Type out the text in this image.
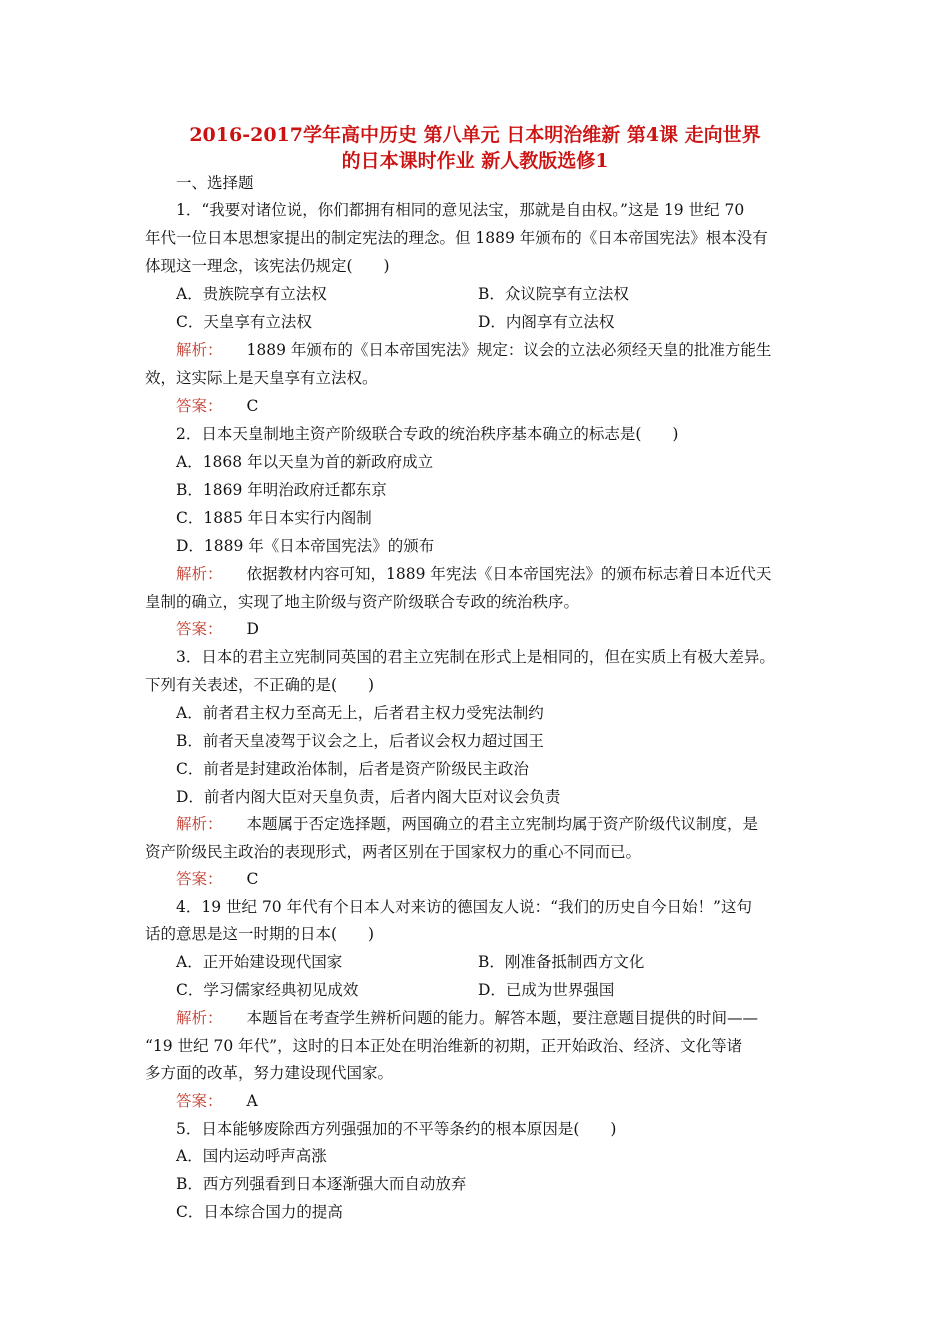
2016-2017学年高中历史 第八单元 日本明治维新 第4课 走向世界
的日本课时作业 新人教版选修1
一、选择题
1．“我要对诸位说，你们都拥有相同的意见法宝，那就是自由权。”这是 19 世纪 70
年代一位日本思想家提出的制定宪法的理念。但 1889 年颁布的《日本帝国宪法》根本没有
体现这一理念，该宪法仍规定(　　)
A．贵族院享有立法权	B．众议院享有立法权
C．天皇享有立法权	D．内阁享有立法权
解析： 1889 年颁布的《日本帝国宪法》规定：议会的立法必须经天皇的批准方能生
效，这实际上是天皇享有立法权。
答案： C
2．日本天皇制地主资产阶级联合专政的统治秩序基本确立的标志是(　　)
A．1868 年以天皇为首的新政府成立
B．1869 年明治政府迁都东京
C．1885 年日本实行内阁制
D．1889 年《日本帝国宪法》的颁布
解析： 依据教材内容可知，1889 年宪法《日本帝国宪法》的颁布标志着日本近代天
皇制的确立，实现了地主阶级与资产阶级联合专政的统治秩序。
答案： D
3．日本的君主立宪制同英国的君主立宪制在形式上是相同的，但在实质上有极大差异。
下列有关表述，不正确的是(　　)
A．前者君主权力至高无上，后者君主权力受宪法制约
B．前者天皇凌驾于议会之上，后者议会权力超过国王
C．前者是封建政治体制，后者是资产阶级民主政治
D．前者内阁大臣对天皇负责，后者内阁大臣对议会负责
解析： 本题属于否定选择题，两国确立的君主立宪制均属于资产阶级代议制度，是
资产阶级民主政治的表现形式，两者区别在于国家权力的重心不同而已。
答案： C
4．19 世纪 70 年代有个日本人对来访的德国友人说：“我们的历史自今日始！”这句
话的意思是这一时期的日本(　　)
A．正开始建设现代国家	B．刚准备抵制西方文化
C．学习儒家经典初见成效	D．已成为世界强国
解析： 本题旨在考查学生辨析问题的能力。解答本题，要注意题目提供的时间——
“19 世纪 70 年代”，这时的日本正处在明治维新的初期，正开始政治、经济、文化等诸
多方面的改革，努力建设现代国家。
答案： A
5．日本能够废除西方列强强加的不平等条约的根本原因是(　　)
A．国内运动呼声高涨
B．西方列强看到日本逐渐强大而自动放弃
C．日本综合国力的提高
